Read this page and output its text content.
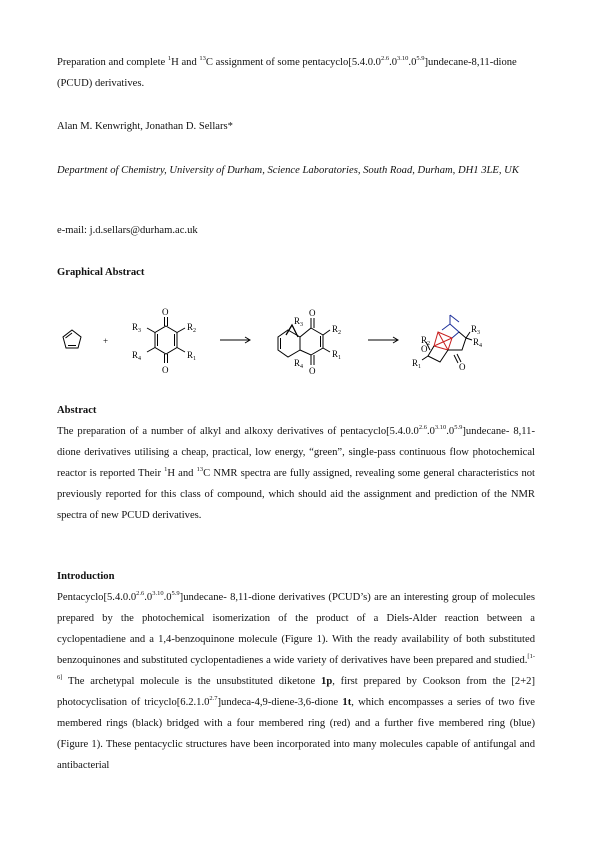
Preparation and complete $^1$H and $^{13}$C assignment of some $pentacyclo[5.4.0.0^{2.6}.0^{3.10}.0^{5.9}]undecane-8,11$-dione (PCUD) derivatives.
Alan M. Kenwright, Jonathan D. Sellars*
Department of Chemistry, University of Durham, Science Laboratories, South Road, Durham, DH1 3LE, UK
e-mail: j.d.sellars@durham.ac.uk
Graphical Abstract
+
O
O
$R_3$	$R_2$
$R_4$	$R_1$
O
O
$R_3$	$R_2$
$R_4$
$R_1$
$R_3$
$R_4$
$R_2$
$R_1$	O
O
Abstract
The preparation of a number of alkyl and alkoxy derivatives of $pentacyclo[5.4.0.0^{2.6}.0^{3.10}.0^{5.9}]undecane-$ 8,11-dione derivatives utilising a cheap, practical, low energy, “green”, single-pass continuous flow photochemical reactor is reported Their $^1$H and $^{13}$C NMR spectra are fully assigned, revealing some general characteristics not previously reported for this class of compound, which should aid the assignment and prediction of the NMR spectra of new PCUD derivatives.
Introduction
$Pentacyclo[5.4.0.0^{2.6}.0^{3.10}.0^{5.9}]undecane-$ 8,11-dione derivatives (PCUD’s) are an interesting group of molecules prepared by the photochemical isomerization of the product of a Diels-Alder reaction between a cyclopentadiene and a 1,4-benzoquinone molecule (Figure 1). With the ready availability of both substituted benzoquinones and substituted cyclopentadienes a wide variety of derivatives have been prepared and studied.[1-6] The archetypal molecule is the unsubstituted diketone 1p, first prepared by Cookson from the [2+2] photocyclisation of $tricyclo[6.2.1.0^{2.7}]undeca-4,9-diene-3,6$-dione 1t, which encompasses a series of two five membered rings (black) bridged with a four membered ring (red) and a further five membered ring (blue) (Figure 1). These pentacyclic structures have been incorporated into many molecules capable of antifungal and antibacterial
